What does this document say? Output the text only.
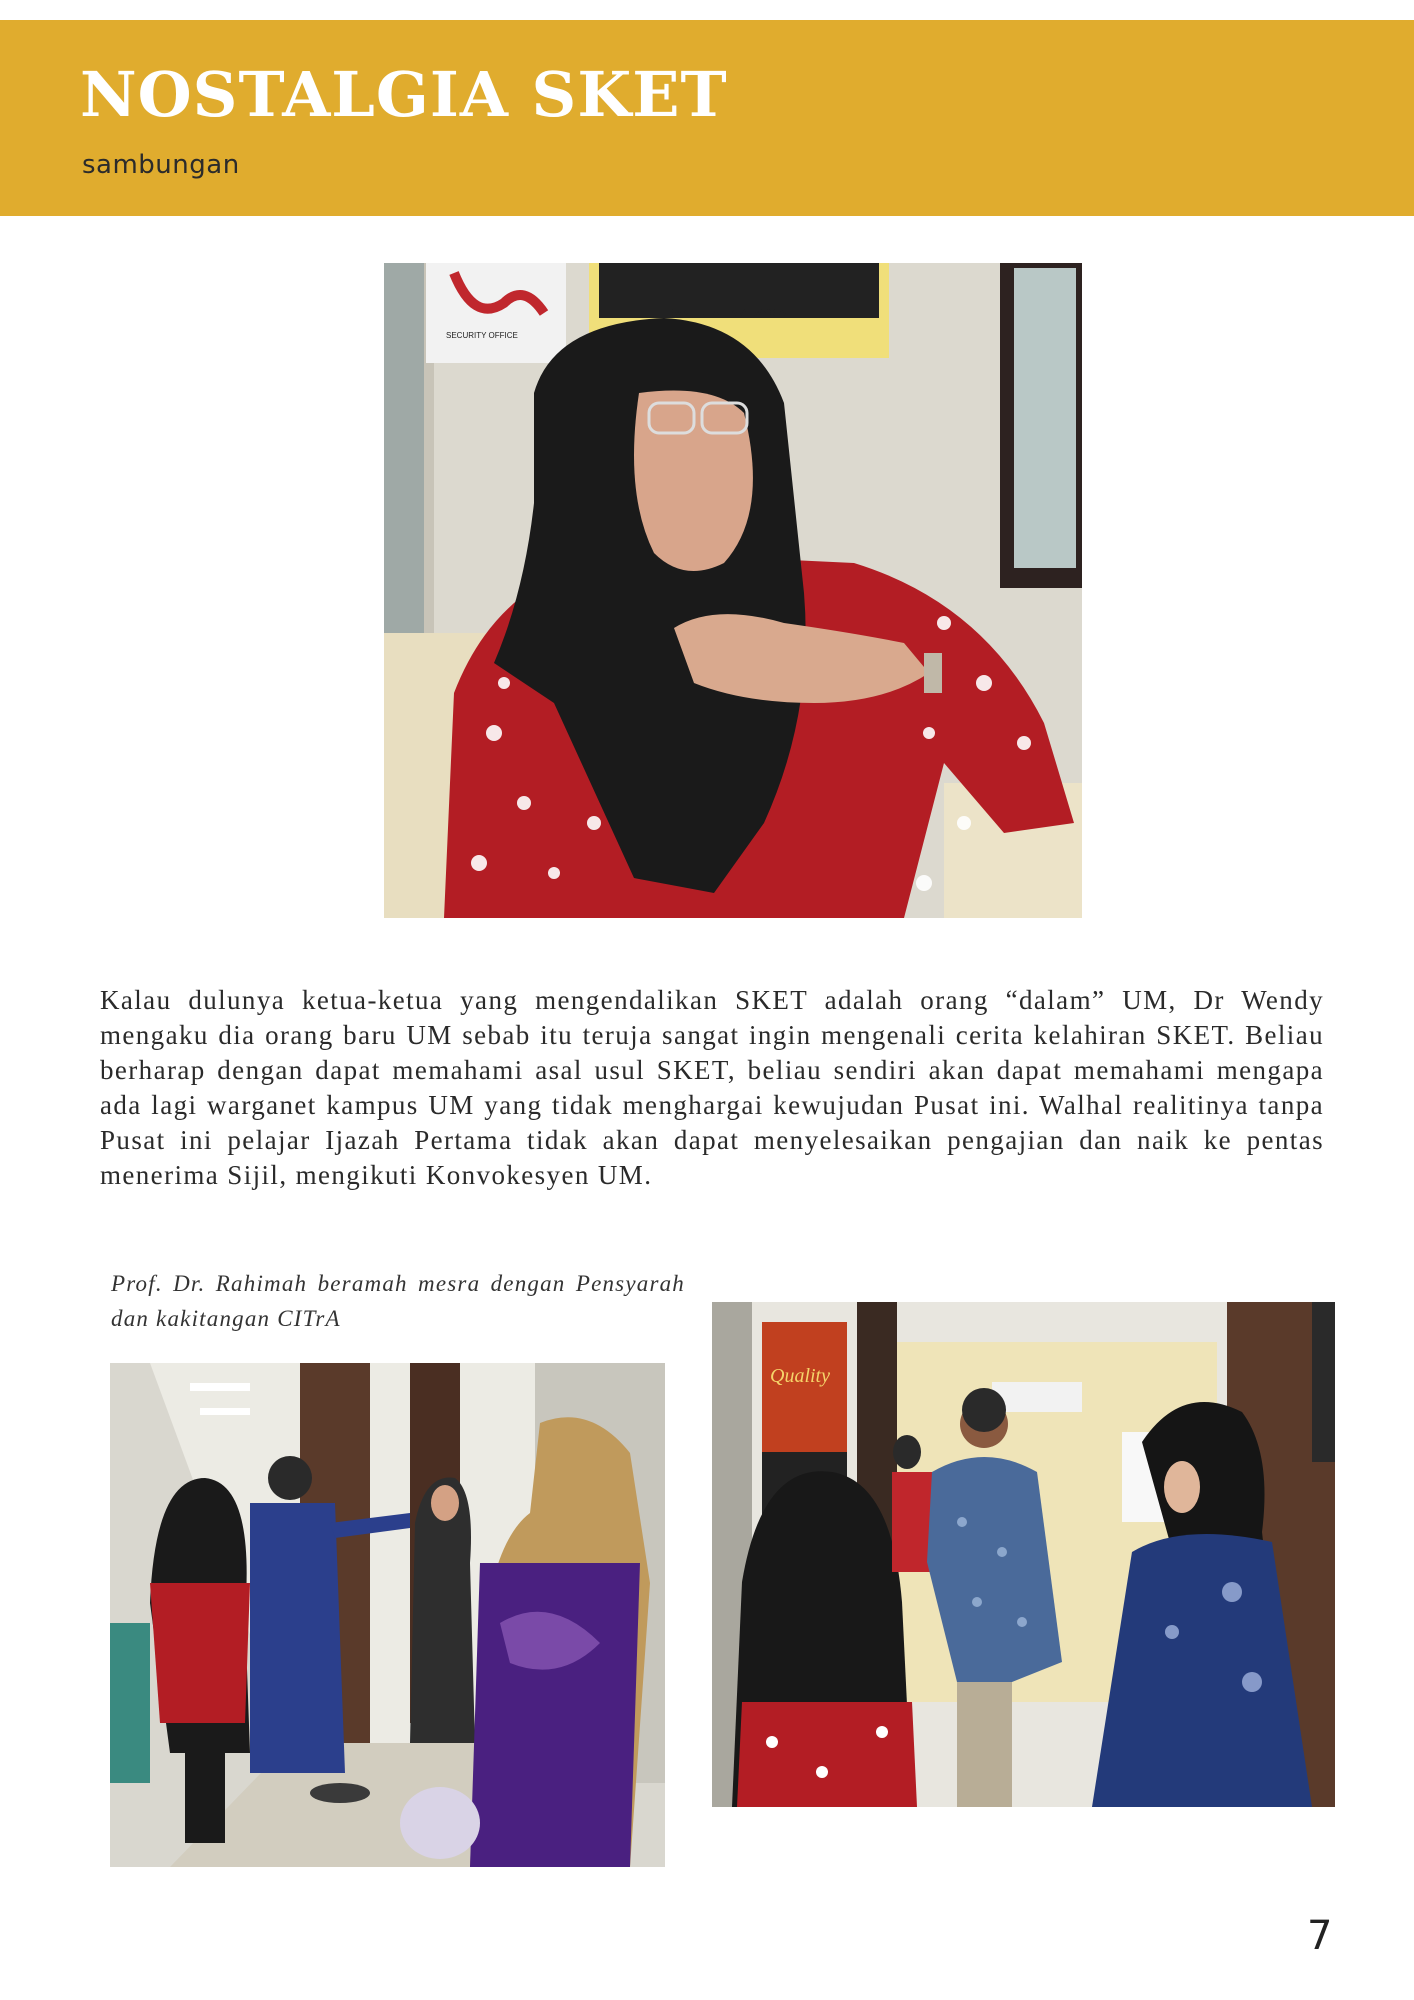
NOSTALGIA SKET

sambungan

SECURITY OFFICE
BANTULAH MALAYSIA

Kalau dulunya ketua-ketua yang mengendalikan SKET adalah orang “dalam” UM, Dr Wendy mengaku dia orang baru UM sebab itu teruja sangat ingin mengenali cerita kelahiran SKET. Beliau berharap dengan dapat memahami asal usul SKET, beliau sendiri akan dapat memahami mengapa ada lagi warganet kampus UM yang tidak menghargai kewujudan Pusat ini. Walhal realitinya tanpa Pusat ini pelajar Ijazah Pertama tidak akan dapat menyelesaikan pengajian dan naik ke pentas menerima Sijil, mengikuti Konvokesyen UM.

Prof. Dr. Rahimah beramah mesra dengan Pensyarah dan kakitangan CITrA

Quality

7
